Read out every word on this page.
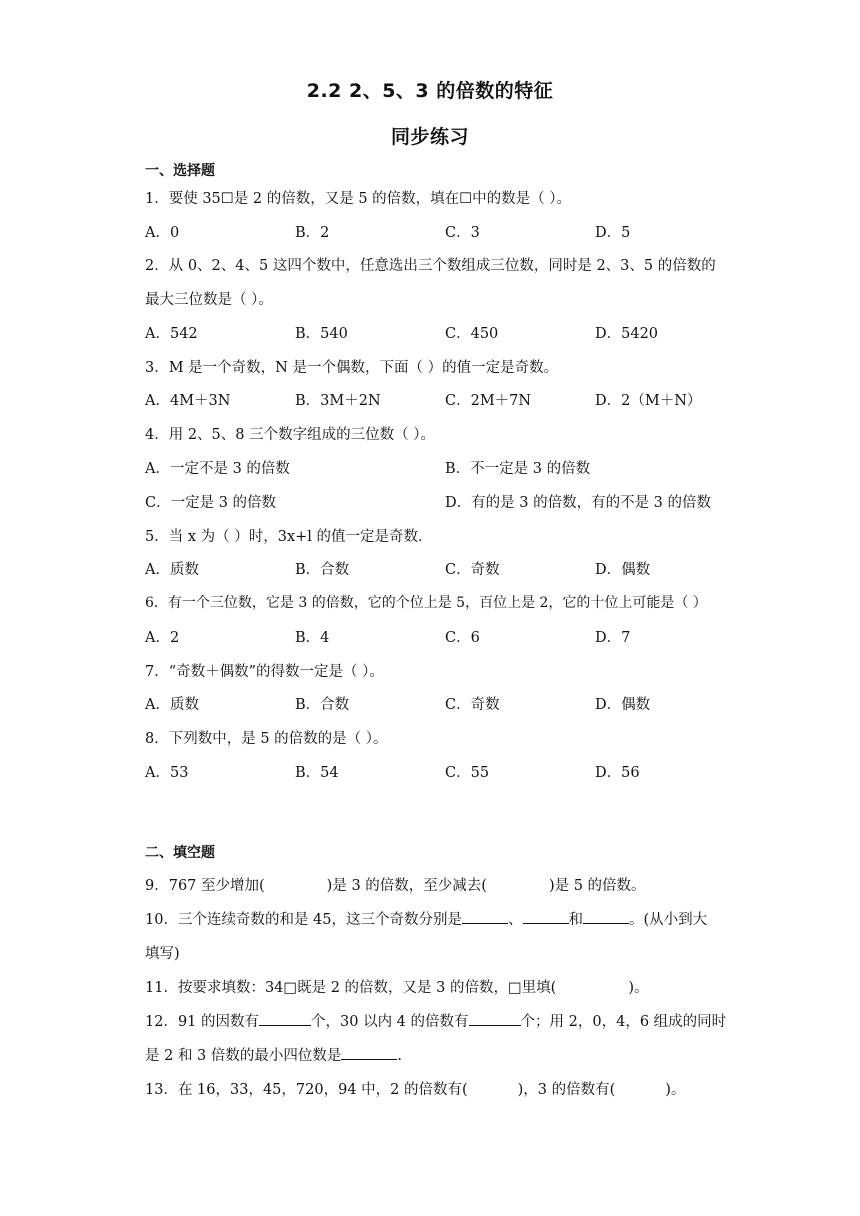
2.2 2、5、3 的倍数的特征
同步练习
一、选择题
1．要使 35☐是 2 的倍数，又是 5 的倍数，填在☐中的数是（ ）。
A．0	B．2	C．3	D．5
2．从 0、2、4、5 这四个数中，任意选出三个数组成三位数，同时是 2、3、5 的倍数的
最大三位数是（ ）。
A．542	B．540	C．450	D．5420
3．M 是一个奇数，N 是一个偶数，下面（ ）的值一定是奇数。
A．4M＋3N	B．3M＋2N	C．2M＋7N	D．2（M＋N）
4．用 2、5、8 三个数字组成的三位数（ ）。
A．一定不是 3 的倍数	B．不一定是 3 的倍数
C．一定是 3 的倍数	D．有的是 3 的倍数，有的不是 3 的倍数
5．当 x 为（ ）时，3x+l 的值一定是奇数．
A．质数	B．合数	C．奇数	D．偶数
6．有一个三位数，它是 3 的倍数，它的个位上是 5，百位上是 2，它的十位上可能是（ ）
A．2	B．4	C．6	D．7
7．“奇数＋偶数”的得数一定是（ ）。
A．质数	B．合数	C．奇数	D．偶数
8．下列数中，是 5 的倍数的是（ ）。
A．53	B．54	C．55	D．56
二、填空题
9．767 至少增加(	)是 3 的倍数，至少减去(	)是 5 的倍数。
10．三个连续奇数的和是 45，这三个奇数分别是	、	和	。(从小到大
填写)
11．按要求填数：34□既是 2 的倍数，又是 3 的倍数，□里填(	)。
12．91 的因数有	个，30 以内 4 的倍数有	个；用 2，0，4，6 组成的同时
是 2 和 3 倍数的最小四位数是	.
13．在 16，33，45，720，94 中，2 的倍数有(	)，3 的倍数有(	)。
